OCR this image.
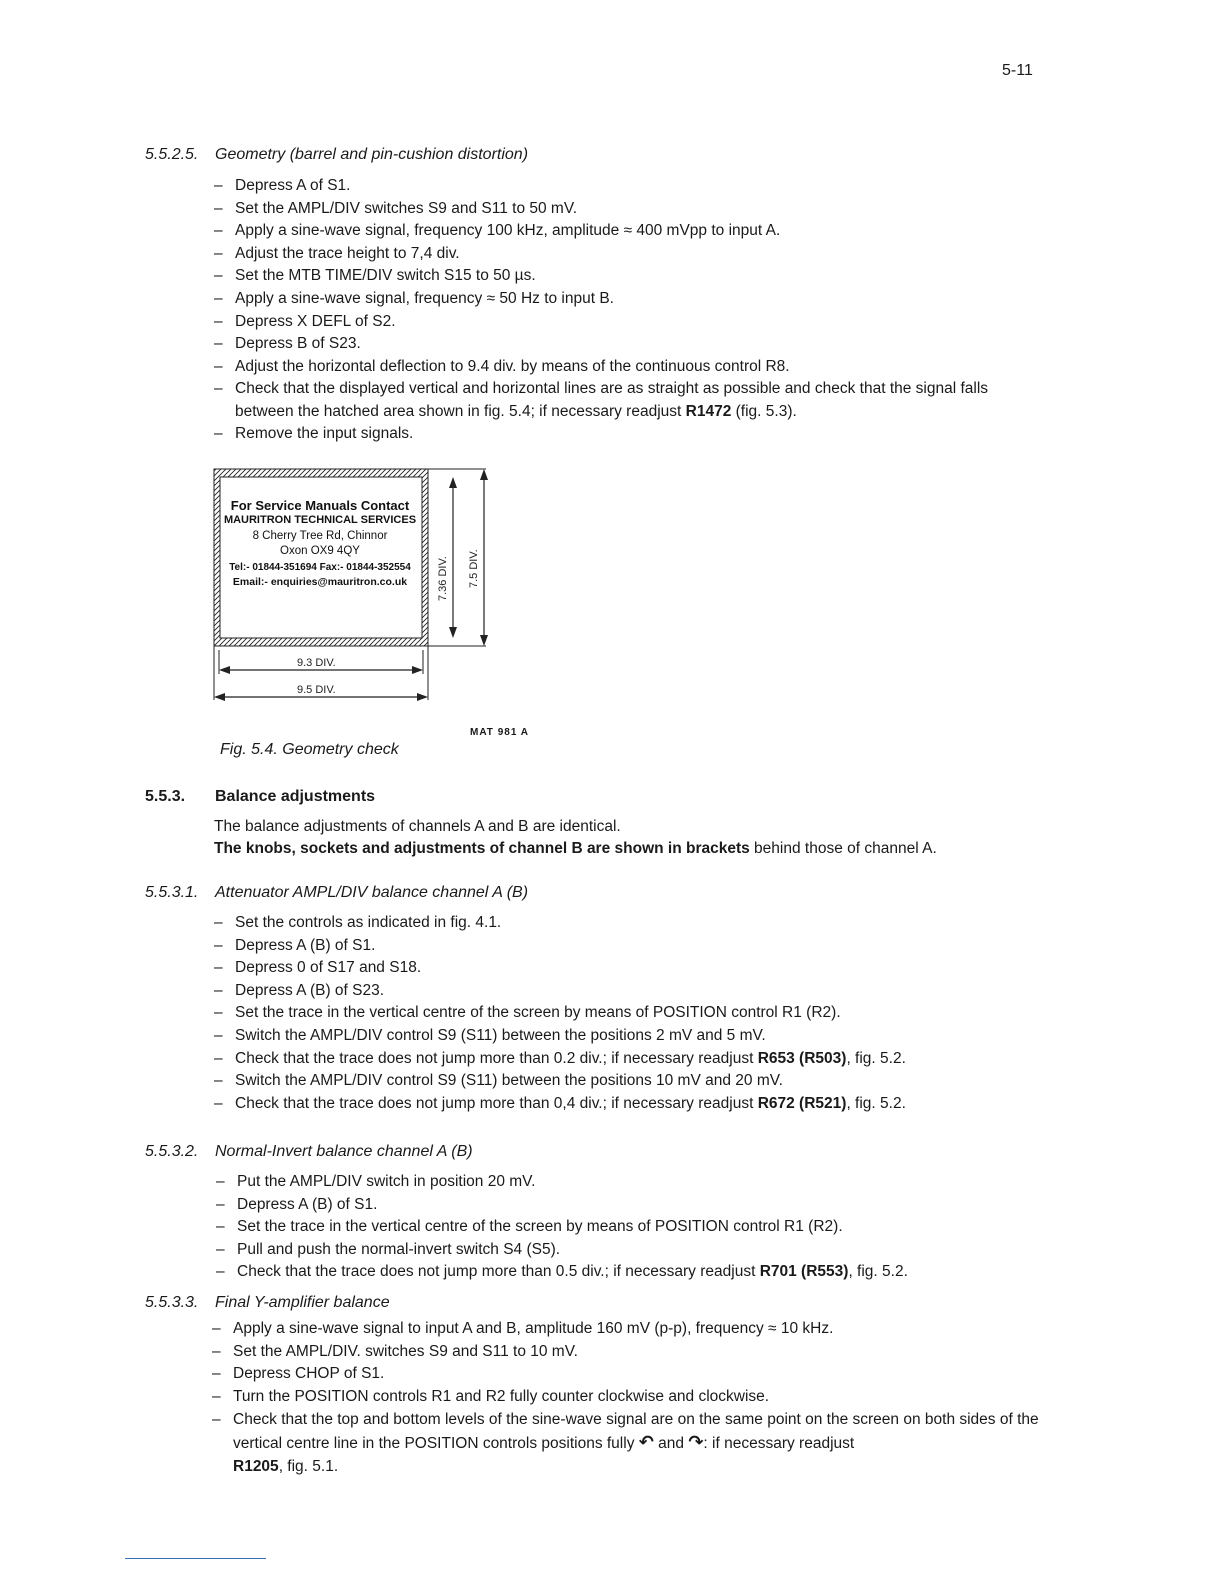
5-11
5.5.2.5. Geometry (barrel and pin-cushion distortion)
– Depress A of S1.
– Set the AMPL/DIV switches S9 and S11 to 50 mV.
– Apply a sine-wave signal, frequency 100 kHz, amplitude ≈ 400 mVpp to input A.
– Adjust the trace height to 7,4 div.
– Set the MTB TIME/DIV switch S15 to 50 µs.
– Apply a sine-wave signal, frequency ≈ 50 Hz to input B.
– Depress X DEFL of S2.
– Depress B of S23.
– Adjust the horizontal deflection to 9.4 div. by means of the continuous control R8.
– Check that the displayed vertical and horizontal lines are as straight as possible and check that the signal falls between the hatched area shown in fig. 5.4; if necessary readjust R1472 (fig. 5.3).
– Remove the input signals.
7.36 DIV. 7.5 DIV.
9.3 DIV.
9.5 DIV.
For Service Manuals Contact
MAURITRON TECHNICAL SERVICES
8 Cherry Tree Rd, Chinnor
Oxon OX9 4QY
Tel:- 01844-351694 Fax:- 01844-352554
Email:- enquiries@mauritron.co.uk
MAT 981 A
Fig. 5.4. Geometry check
5.5.3. Balance adjustments
The balance adjustments of channels A and B are identical.
The knobs, sockets and adjustments of channel B are shown in brackets behind those of channel A.
5.5.3.1. Attenuator AMPL/DIV balance channel A (B)
– Set the controls as indicated in fig. 4.1.
– Depress A (B) of S1.
– Depress 0 of S17 and S18.
– Depress A (B) of S23.
– Set the trace in the vertical centre of the screen by means of POSITION control R1 (R2).
– Switch the AMPL/DIV control S9 (S11) between the positions 2 mV and 5 mV.
– Check that the trace does not jump more than 0.2 div.; if necessary readjust R653 (R503), fig. 5.2.
– Switch the AMPL/DIV control S9 (S11) between the positions 10 mV and 20 mV.
– Check that the trace does not jump more than 0,4 div.; if necessary readjust R672 (R521), fig. 5.2.
5.5.3.2. Normal-Invert balance channel A (B)
– Put the AMPL/DIV switch in position 20 mV.
– Depress A (B) of S1.
– Set the trace in the vertical centre of the screen by means of POSITION control R1 (R2).
– Pull and push the normal-invert switch S4 (S5).
– Check that the trace does not jump more than 0.5 div.; if necessary readjust R701 (R553), fig. 5.2.
5.5.3.3. Final Y-amplifier balance
– Apply a sine-wave signal to input A and B, amplitude 160 mV (p-p), frequency ≈ 10 kHz.
– Set the AMPL/DIV. switches S9 and S11 to 10 mV.
– Depress CHOP of S1.
– Turn the POSITION controls R1 and R2 fully counter clockwise and clockwise.
– Check that the top and bottom levels of the sine-wave signal are on the same point on the screen on both sides of the vertical centre line in the POSITION controls positions fully ↶ and ↷: if necessary readjust
R1205, fig. 5.1.
